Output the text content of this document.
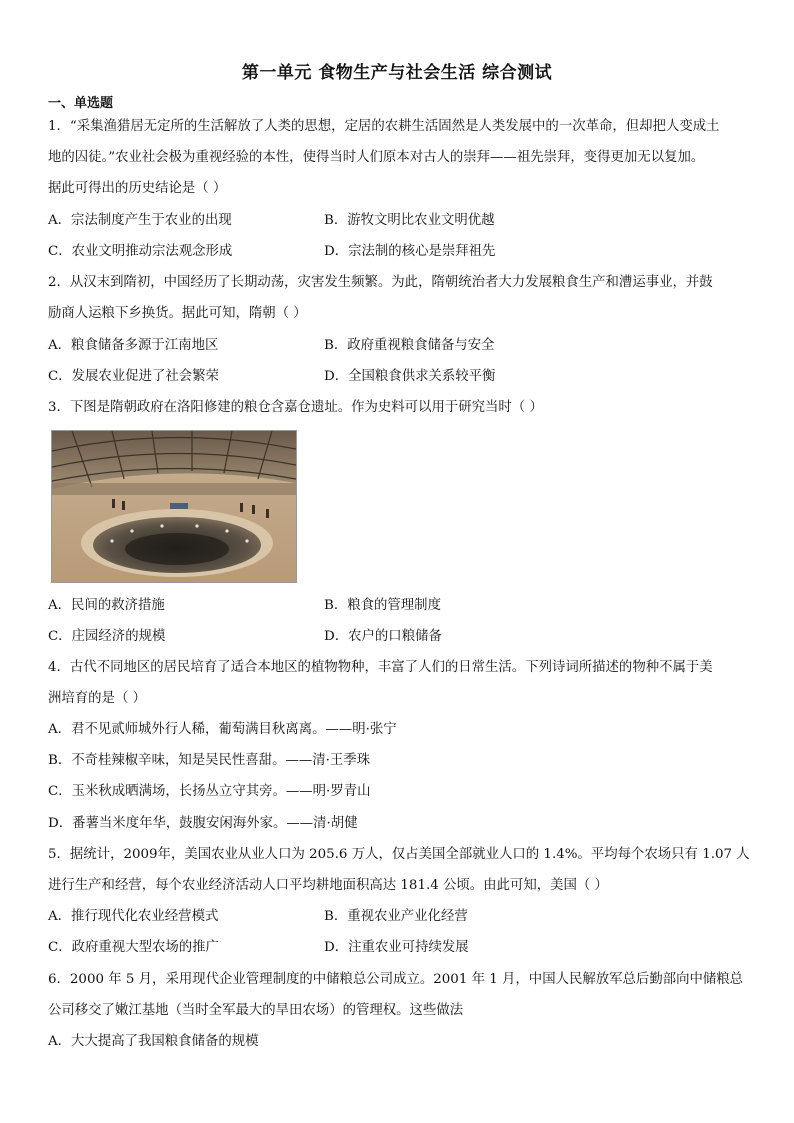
第一单元 食物生产与社会生活 综合测试
一、单选题
1．“采集渔猎居无定所的生活解放了人类的思想，定居的农耕生活固然是人类发展中的一次革命，但却把人变成土
地的囚徒。”农业社会极为重视经验的本性，使得当时人们原本对古人的崇拜——祖先崇拜，变得更加无以复加。
据此可得出的历史结论是（ ）
A．宗法制度产生于农业的出现	B．游牧文明比农业文明优越
C．农业文明推动宗法观念形成	D．宗法制的核心是崇拜祖先
2．从汉末到隋初，中国经历了长期动荡，灾害发生频繁。为此，隋朝统治者大力发展粮食生产和漕运事业，并鼓
励商人运粮下乡换货。据此可知，隋朝（ ）
A．粮食储备多源于江南地区	B．政府重视粮食储备与安全
C．发展农业促进了社会繁荣	D．全国粮食供求关系较平衡
3．下图是隋朝政府在洛阳修建的粮仓含嘉仓遗址。作为史料可以用于研究当时（ ）
A．民间的救济措施	B．粮食的管理制度
C．庄园经济的规模	D．农户的口粮储备
4．古代不同地区的居民培育了适合本地区的植物物种，丰富了人们的日常生活。下列诗词所描述的物种不属于美
洲培育的是（ ）
A．君不见贰师城外行人稀，葡萄满目秋离离。——明·张宁
B．不奇桂辣椒辛味，知是吴民性喜甜。——清·王季珠
C．玉米秋成晒满场，长扬丛立守其旁。——明·罗青山
D．番薯当米度年华，鼓腹安闲海外家。——清·胡健
5．据统计，2009年，美国农业从业人口为 205.6 万人，仅占美国全部就业人口的 1.4%。平均每个农场只有 1.07 人
进行生产和经营，每个农业经济活动人口平均耕地面积高达 181.4 公顷。由此可知，美国（ ）
A．推行现代化农业经营模式	B．重视农业产业化经营
C．政府重视大型农场的推广	D．注重农业可持续发展
6．2000 年 5 月，采用现代企业管理制度的中储粮总公司成立。2001 年 1 月，中国人民解放军总后勤部向中储粮总
公司移交了嫩江基地（当时全军最大的旱田农场）的管理权。这些做法
A．大大提高了我国粮食储备的规模
